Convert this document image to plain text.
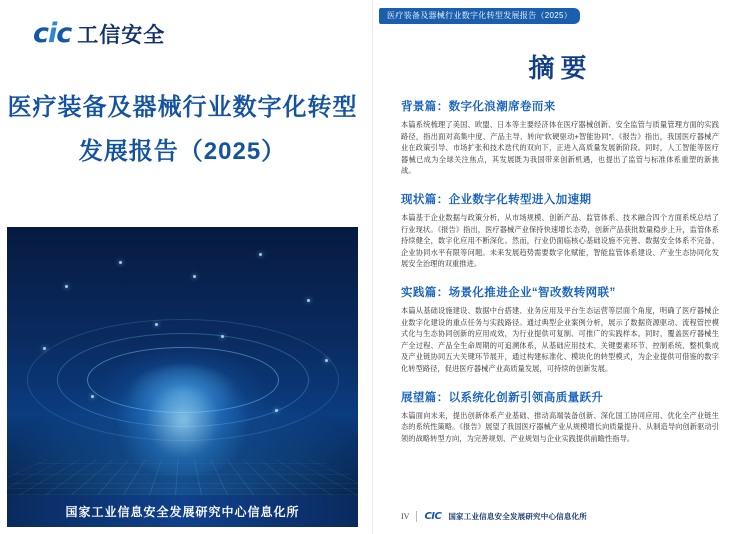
cic 工信安全
医疗装备及器械行业数字化转型
发展报告（2025）
国家工业信息安全发展研究中心信息化所
医疗装备及器械行业数字化转型发展报告（2025）
摘要
背景篇：数字化浪潮席卷而来
本篇系统梳理了美国、欧盟、日本等主要经济体在医疗器械创新、安全监管与质量管理方面的实践路径，指出面对高集中度、产品主导、转向“软硬驱动+智能协同”、《报告》指出，我国医疗器械产业在政策引导、市场扩张和技术迭代的双向下，正进入高质量发展新阶段。同时，人工智能等医疗器械已成为全球关注焦点，其发展既为我国带来创新机遇，也提出了监管与标准体系重塑的新挑战。
现状篇：企业数字化转型进入加速期
本篇基于企业数据与政策分析，从市场规模、创新产品、监管体系、技术融合四个方面系统总结了行业现状。《报告》指出，医疗器械产业保持快速增长态势，创新产品获批数量稳步上升，监管体系持续健全，数字化应用不断深化。然而，行业仍面临核心基础设施不完善、数据安全体系不完备、企业协同水平有限等问题。未来发展趋势需要数字化赋能，智能监管体系建设、产业生态协同化发展安全治理的双重推进。
实践篇：场景化推进企业“智改数转网联”
本篇从基础设施建设、数据中台搭建、业务应用及平台生态运营等层面个角度，明确了医疗器械企业数字化建设的重点任务与实践路径。通过典型企业案例分析，展示了数据资源驱动、流程管控模式化与生态协同创新的应用成效，为行业提供可复制、可推广的实践样本。同时，覆盖医疗器械生产全过程、产品全生命周期的可追溯体系，从基础应用技术、关键要素环节、控制系统、整机集成及产业链协同五大关键环节展开，通过构建标准化、模块化的转型模式，为企业提供可借鉴的数字化转型路径，促进医疗器械产业高质量发展，可持续的创新发展。
展望篇：以系统化创新引领高质量跃升
本篇面向未来，提出创新体系产业基础、推动高端装备创新、深化国工协同应用、优化全产业链生态的系统性策略。《报告》展望了我国医疗器械产业从规模增长向质量提升、从制造导向创新驱动引领的战略转型方向，为完善规划、产业规划与企业实践提供前瞻性指导。
IV CIC 国家工业信息安全发展研究中心信息化所
